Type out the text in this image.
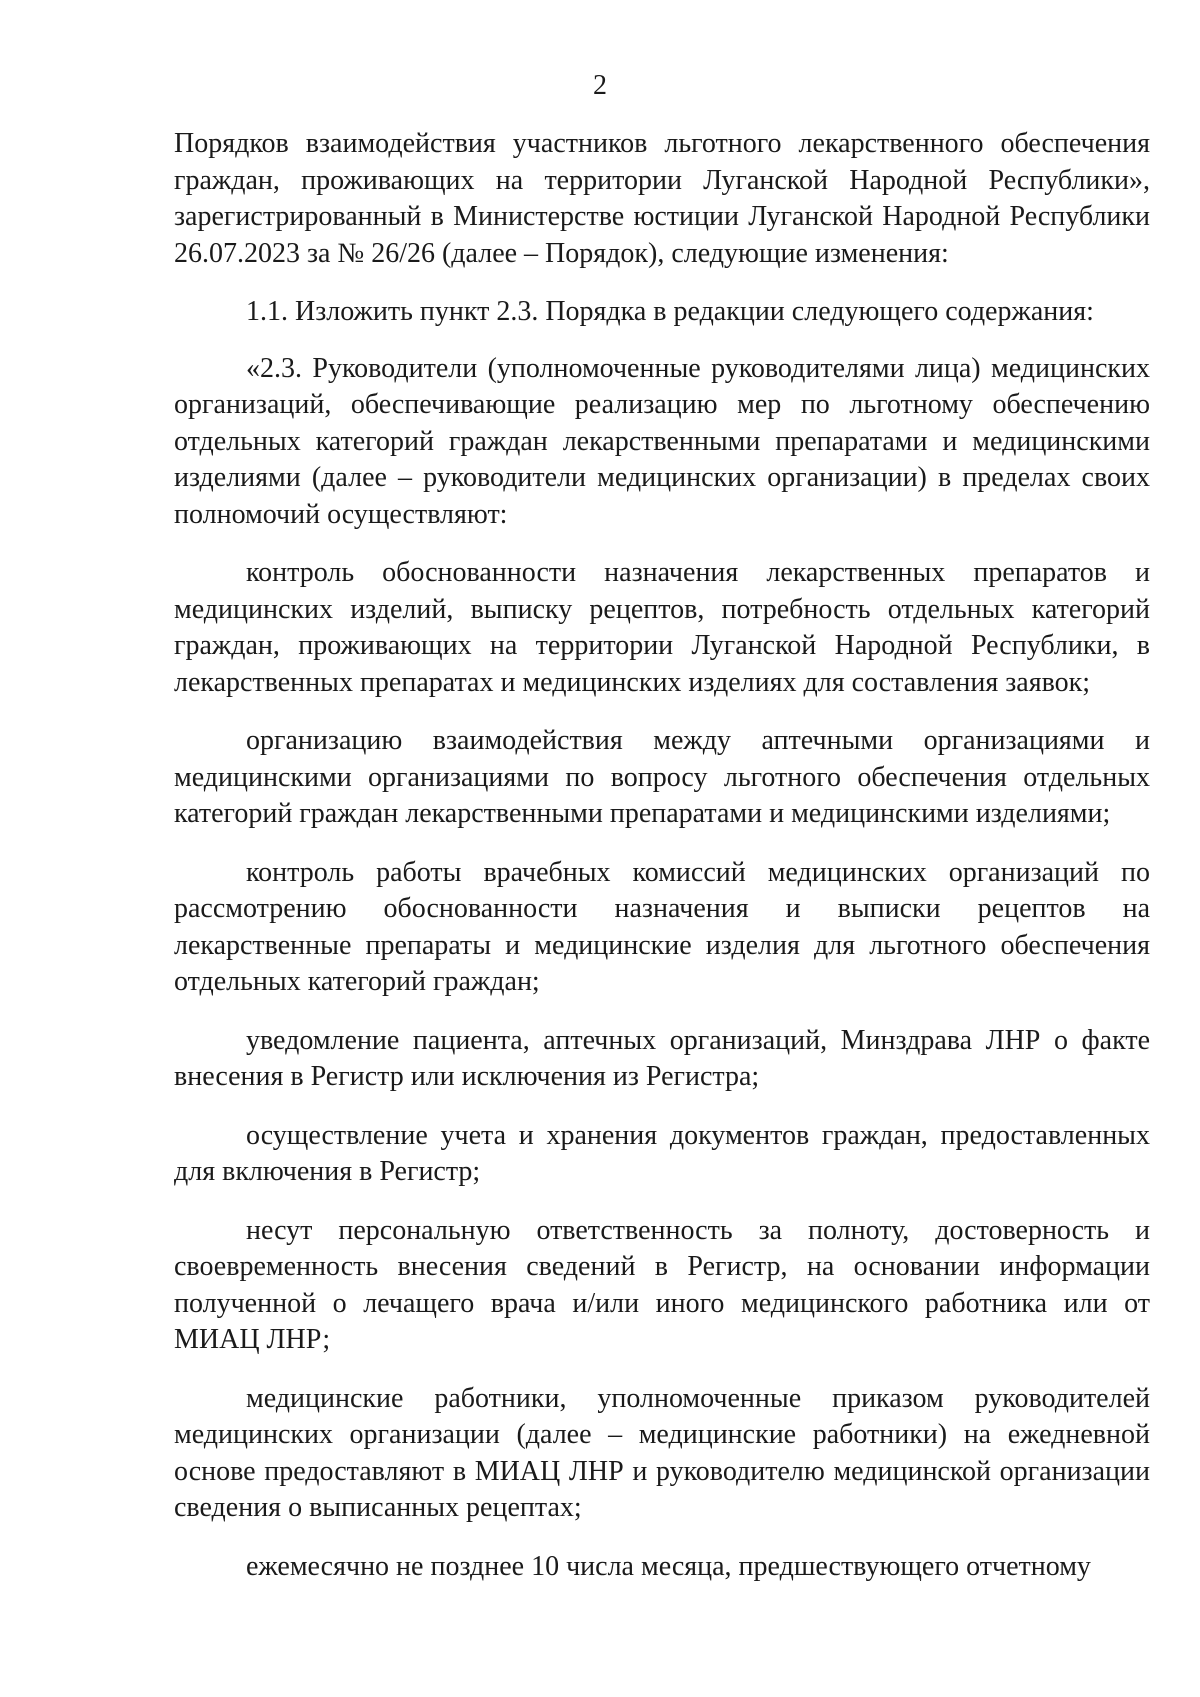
2

Порядков взаимодействия участников льготного лекарственного обеспечения граждан, проживающих на территории Луганской Народной Республики», зарегистрированный в Министерстве юстиции Луганской Народной Республики 26.07.2023 за № 26/26 (далее – Порядок), следующие изменения:

1.1. Изложить пункт 2.3. Порядка в редакции следующего содержания:

«2.3. Руководители (уполномоченные руководителями лица) медицинских организаций, обеспечивающие реализацию мер по льготному обеспечению отдельных категорий граждан лекарственными препаратами и медицинскими изделиями (далее – руководители медицинских организации) в пределах своих полномочий осуществляют:

контроль обоснованности назначения лекарственных препаратов и медицинских изделий, выписку рецептов, потребность отдельных категорий граждан, проживающих на территории Луганской Народной Республики, в лекарственных препаратах и медицинских изделиях для составления заявок;

организацию взаимодействия между аптечными организациями и медицинскими организациями по вопросу льготного обеспечения отдельных категорий граждан лекарственными препаратами и медицинскими изделиями;

контроль работы врачебных комиссий медицинских организаций по рассмотрению обоснованности назначения и выписки рецептов на лекарственные препараты и медицинские изделия для льготного обеспечения отдельных категорий граждан;

уведомление пациента, аптечных организаций, Минздрава ЛНР о факте внесения в Регистр или исключения из Регистра;

осуществление учета и хранения документов граждан, предоставленных для включения в Регистр;

несут персональную ответственность за полноту, достоверность и своевременность внесения сведений в Регистр, на основании информации полученной о лечащего врача и/или иного медицинского работника или от МИАЦ ЛНР;

медицинские работники, уполномоченные приказом руководителей медицинских организации (далее – медицинские работники) на ежедневной основе предоставляют в МИАЦ ЛНР и руководителю медицинской организации сведения о выписанных рецептах;

ежемесячно не позднее 10 числа месяца, предшествующего отчетному
